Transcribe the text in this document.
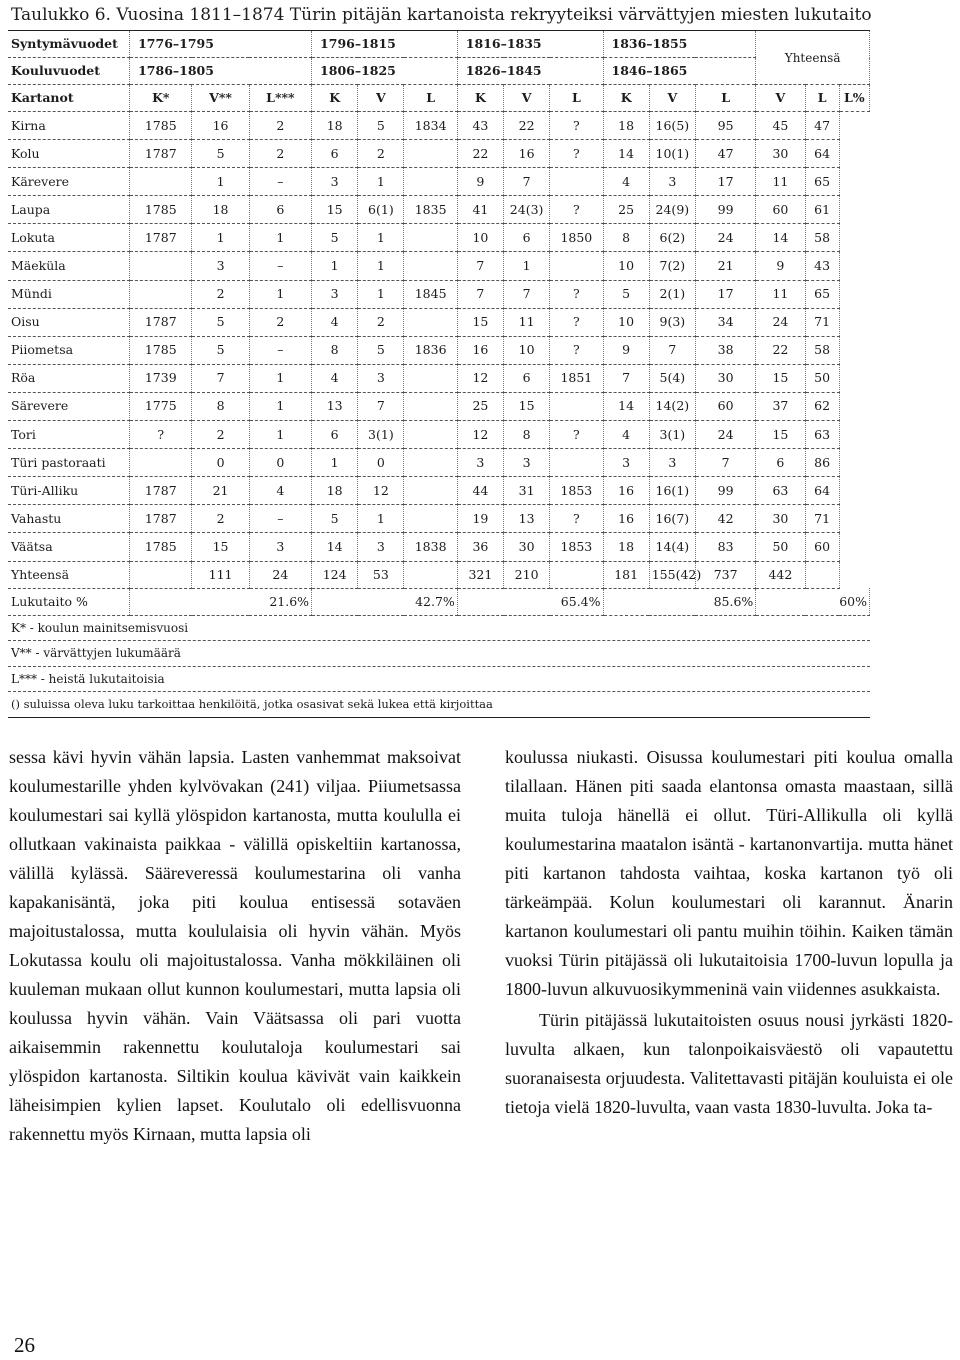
Taulukko 6. Vuosina 1811–1874 Türin pitäjän kartanoista rekryyteiksi värvättyjen miesten lukutaito
Syntymävuodet	1776–1795			1796–1815			1816–1835			1836–1855			Yhteensä		
Kouluvuodet	1786–1805			1806–1825			1826–1845			1846–1865					
Kartanot	K*	V**	L***	K	V	L	K	V	L	K	V	L	V	L	L%
Kirna	1785	16	2	18	5	1834	43	22	?	18	16(5)	95	45	47	
Kolu	1787	5	2	6	2		22	16	?	14	10(1)	47	30	64	
Kärevere		1	–	3	1		9	7		4	3	17	11	65	
Laupa	1785	18	6	15	6(1)	1835	41	24(3)	?	25	24(9)	99	60	61	
Lokuta	1787	1	1	5	1		10	6	1850	8	6(2)	24	14	58	
Mäeküla		3	–	1	1		7	1		10	7(2)	21	9	43	
Mündi		2	1	3	1	1845	7	7	?	5	2(1)	17	11	65	
Oisu	1787	5	2	4	2		15	11	?	10	9(3)	34	24	71	
Piiometsa	1785	5	–	8	5	1836	16	10	?	9	7	38	22	58	
Röa	1739	7	1	4	3		12	6	1851	7	5(4)	30	15	50	
Särevere	1775	8	1	13	7		25	15		14	14(2)	60	37	62	
Tori	?	2	1	6	3(1)		12	8	?	4	3(1)	24	15	63	
Türi pastoraati		0	0	1	0		3	3		3	3	7	6	86	
Türi-Alliku	1787	21	4	18	12		44	31	1853	16	16(1)	99	63	64	
Vahastu	1787	2	–	5	1		19	13	?	16	16(7)	42	30	71	
Väätsa	1785	15	3	14	3	1838	36	30	1853	18	14(4)	83	50	60	
Yhteensä		111	24	124	53		321	210		181	155(42)	737	442		
Lukutaito %	21.6%			42.7%			65.4%			85.6%			60%		
K* - koulun mainitsemisvuosi
V** - värvättyjen lukumäärä
L*** - heistä lukutaitoisia
() suluissa oleva luku tarkoittaa henkilöitä, jotka osasivat sekä lukea että kirjoittaa

sessa kävi hyvin vähän lapsia. Lasten vanhemmat maksoivat koulumestarille yhden kylvövakan (241) viljaa. Piiumetsassa koulumestari sai kyllä ylöspidon kartanosta, mutta koululla ei ollutkaan vakinaista paikkaa - välillä opiskeltiin kartanossa, välillä kylässä. Sääreveressä koulumestarina oli vanha kapakanisäntä, joka piti koulua entisessä sotaväen majoitustalossa, mutta koululaisia oli hyvin vähän. Myös Lokutassa koulu oli majoitustalossa. Vanha mökkiläinen oli kuuleman mukaan ollut kunnon koulumestari, mutta lapsia oli koulussa hyvin vähän. Vain Väätsassa oli pari vuotta aikaisemmin rakennettu koulutaloja koulumestari sai ylöspidon kartanosta. Siltikin koulua kävivät vain kaikkein läheisimpien kylien lapset. Koulutalo oli edellisvuonna rakennettu myös Kirnaan, mutta lapsia oli

koulussa niukasti. Oisussa koulumestari piti koulua omalla tilallaan. Hänen piti saada elantonsa omasta maastaan, sillä muita tuloja hänellä ei ollut. Türi-Allikulla oli kyllä koulumestarina maatalon isäntä - kartanonvartija. mutta hänet piti kartanon tahdosta vaihtaa, koska kartanon työ oli tärkeämpää. Kolun koulumestari oli karannut. Änarin kartanon koulumestari oli pantu muihin töihin. Kaiken tämän vuoksi Türin pitäjässä oli lukutaitoisia 1700-luvun lopulla ja 1800-luvun alkuvuosikymmeninä vain viidennes asukkaista.

Türin pitäjässä lukutaitoisten osuus nousi jyrkästi 1820-luvulta alkaen, kun talonpoikaisväestö oli vapautettu suoranaisesta orjuudesta. Valitettavasti pitäjän kouluista ei ole tietoja vielä 1820-luvulta, vaan vasta 1830-luvulta. Joka ta-

26
